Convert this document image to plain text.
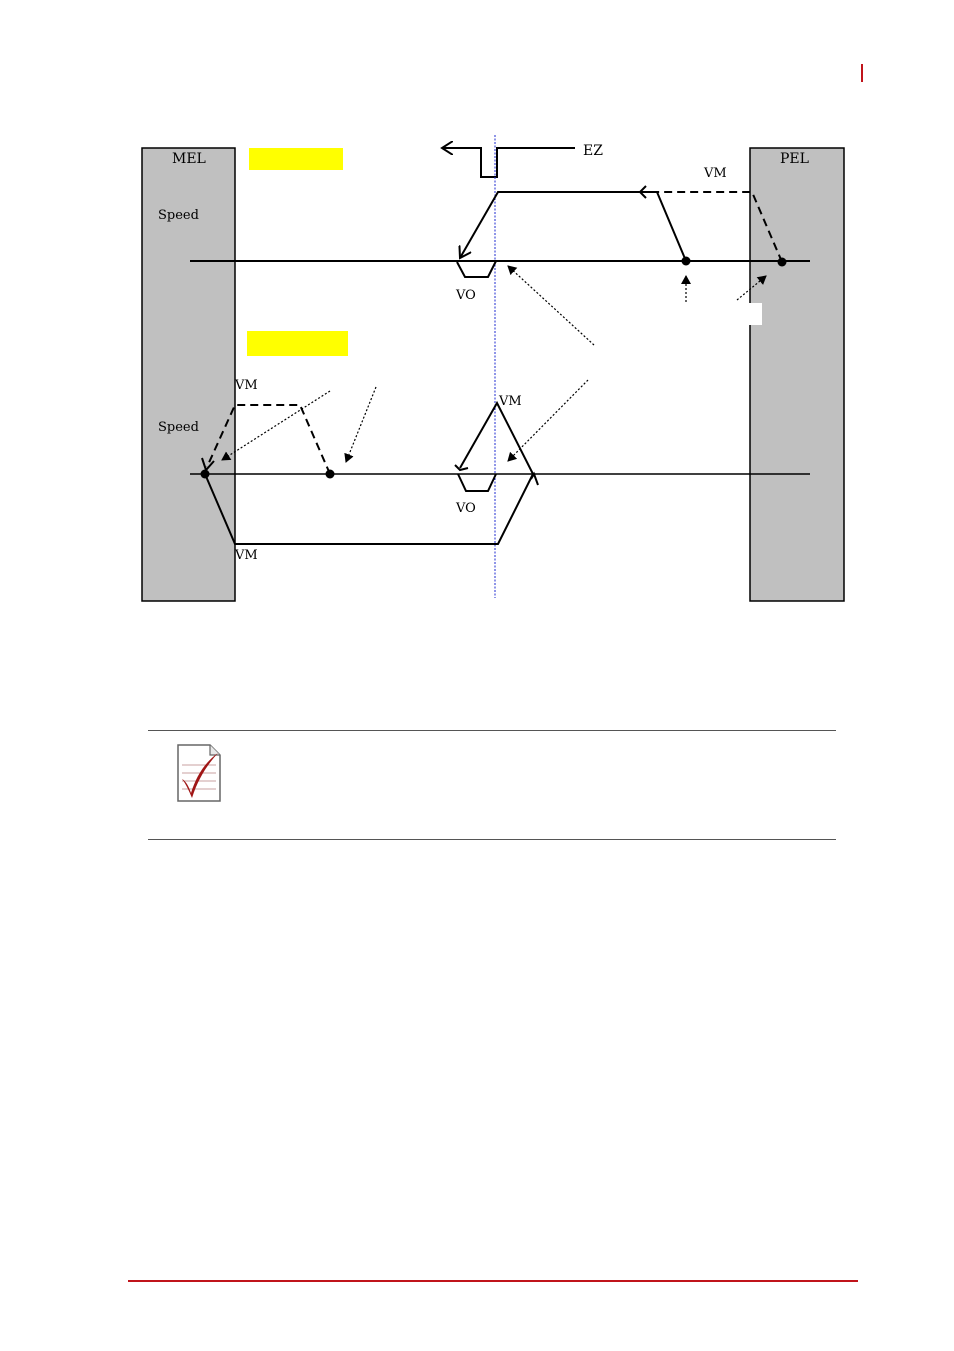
MEL	PEL
EZ
Speed
VM
VO
Speed
VM
VM
VM
VO
